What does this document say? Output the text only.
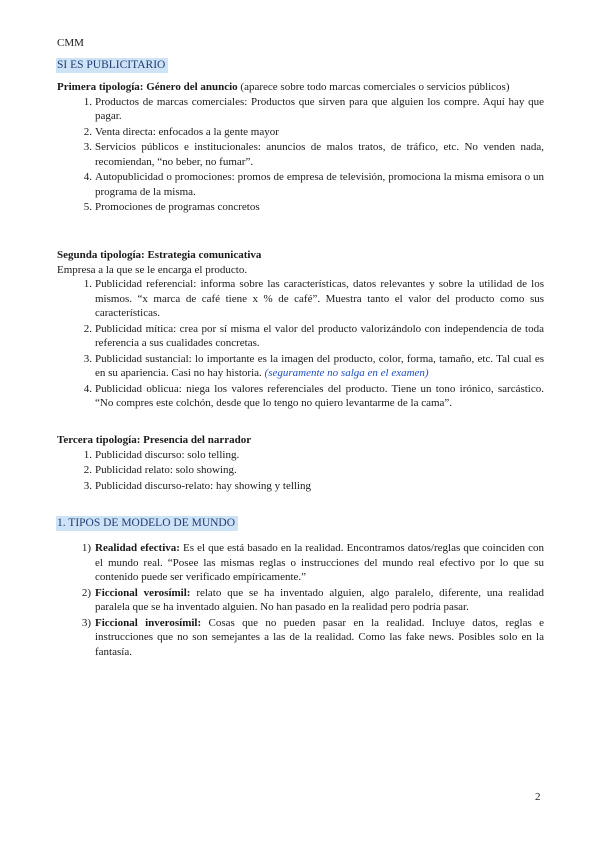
CMM
SI ES PUBLICITARIO

Primera tipología: Género del anuncio (aparece sobre todo marcas comerciales o servicios públicos)

1. Productos de marcas comerciales: Productos que sirven para que alguien los compre. Aquí hay que pagar.
2. Venta directa: enfocados a la gente mayor
3. Servicios públicos e institucionales: anuncios de malos tratos, de tráfico, etc. No venden nada, recomiendan, “no beber, no fumar”.
4. Autopublicidad o promociones: promos de empresa de televisión, promociona la misma emisora o un programa de la misma.
5. Promociones de programas concretos

Segunda tipología: Estrategia comunicativa

Empresa a la que se le encarga el producto.

1. Publicidad referencial: informa sobre las características, datos relevantes y sobre la utilidad de los mismos. “x marca de café tiene x % de café”. Muestra tanto el valor del producto como sus características.
2. Publicidad mítica: crea por sí misma el valor del producto valorizándolo con independencia de toda referencia a sus cualidades concretas.
3. Publicidad sustancial: lo importante es la imagen del producto, color, forma, tamaño, etc. Tal cual es en su apariencia. Casi no hay historia. (seguramente no salga en el examen)
4. Publicidad oblicua: niega los valores referenciales del producto. Tiene un tono irónico, sarcástico. “No compres este colchón, desde que lo tengo no quiero levantarme de la cama”.

Tercera tipología: Presencia del narrador

1. Publicidad discurso: solo telling.
2. Publicidad relato: solo showing.
3. Publicidad discurso-relato: hay showing y telling
1. TIPOS DE MODELO DE MUNDO
1) Realidad efectiva: Es el que está basado en la realidad. Encontramos datos/reglas que coinciden con el mundo real. “Posee las mismas reglas o instrucciones del mundo real efectivo por lo que su contenido puede ser verificado empíricamente.”
2) Ficcional verosímil: relato que se ha inventado alguien, algo paralelo, diferente, una realidad paralela que se ha inventado alguien. No han pasado en la realidad pero podría pasar.
3) Ficcional inverosímil: Cosas que no pueden pasar en la realidad. Incluye datos, reglas e instrucciones que no son semejantes a las de la realidad. Como las fake news. Posibles solo en la fantasía.
2
